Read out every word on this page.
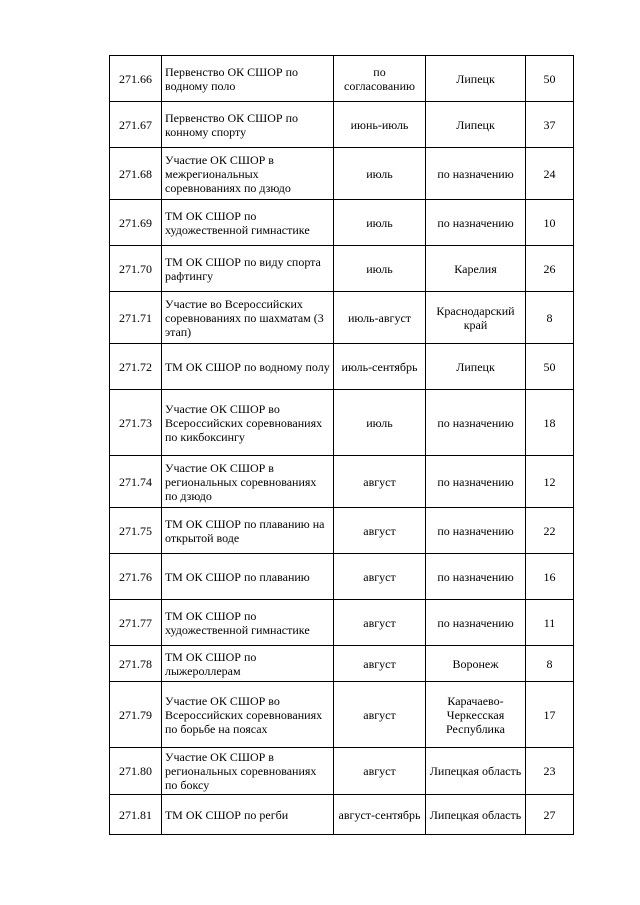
271.66	Первенство ОК СШОР по водному поло	по согласованию	Липецк	50
271.67	Первенство ОК СШОР по конному спорту	июнь-июль	Липецк	37
271.68	Участие ОК СШОР в межрегиональных соревнованиях по дзюдо	июль	по назначению	24
271.69	ТМ ОК СШОР по художественной гимнастике	июль	по назначению	10
271.70	ТМ ОК СШОР по виду спорта рафтингу	июль	Карелия	26
271.71	Участие во Всероссийских соревнованиях по шахматам (3 этап)	июль-август	Краснодарский край	8
271.72	ТМ ОК СШОР по водному полу	июль-сентябрь	Липецк	50
271.73	Участие ОК СШОР во Всероссийских соревнованиях по кикбоксингу	июль	по назначению	18
271.74	Участие ОК СШОР в региональных соревнованиях по дзюдо	август	по назначению	12
271.75	ТМ ОК СШОР по плаванию на открытой воде	август	по назначению	22
271.76	ТМ ОК СШОР по плаванию	август	по назначению	16
271.77	ТМ ОК СШОР по художественной гимнастике	август	по назначению	11
271.78	ТМ ОК СШОР по лыжероллерам	август	Воронеж	8
271.79	Участие ОК СШОР во Всероссийских соревнованиях по борьбе на поясах	август	Карачаево-Черкесская Республика	17
271.80	Участие ОК СШОР в региональных соревнованиях по боксу	август	Липецкая область	23
271.81	ТМ ОК СШОР по регби	август-сентябрь	Липецкая область	27
